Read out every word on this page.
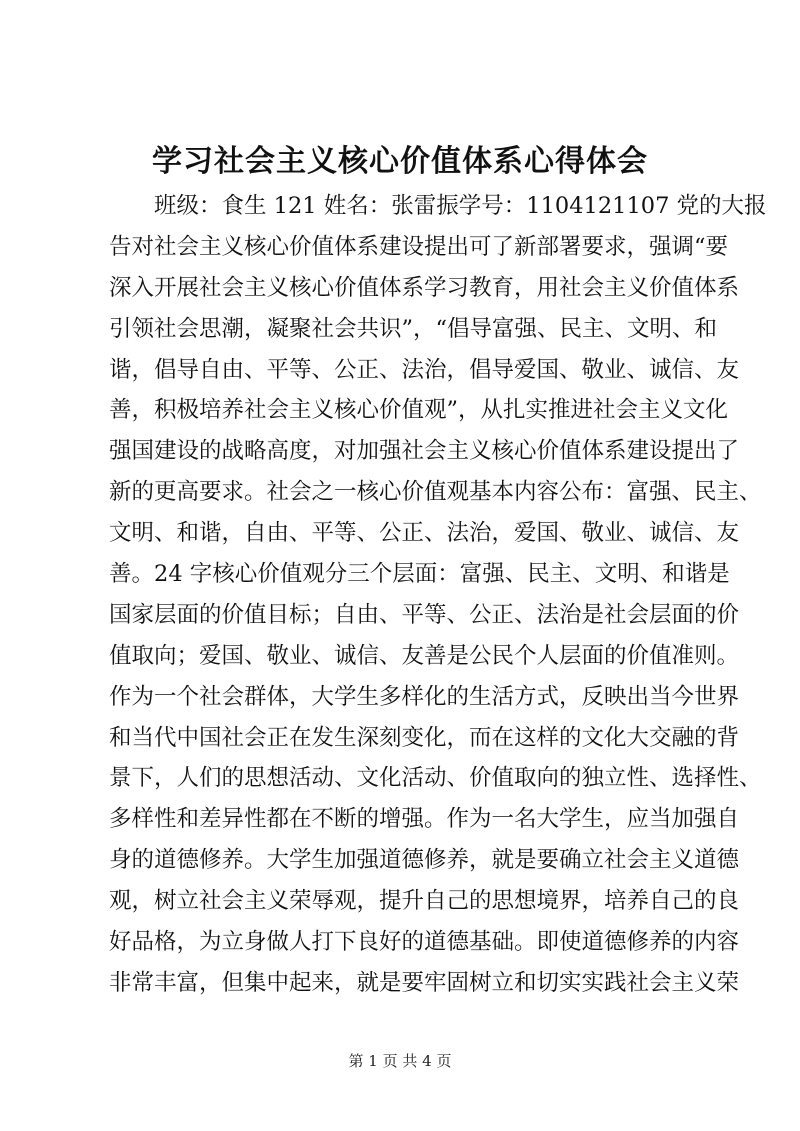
学习社会主义核心价值体系心得体会
班级：食生 121 姓名：张雷振学号：1104121107 党的大报
告对社会主义核心价值体系建设提出可了新部署要求，强调“要
深入开展社会主义核心价值体系学习教育，用社会主义价值体系
引领社会思潮，凝聚社会共识”，“倡导富强、民主、文明、和
谐，倡导自由、平等、公正、法治，倡导爱国、敬业、诚信、友
善，积极培养社会主义核心价值观”，从扎实推进社会主义文化
强国建设的战略高度，对加强社会主义核心价值体系建设提出了
新的更高要求。社会之一核心价值观基本内容公布：富强、民主、
文明、和谐，自由、平等、公正、法治，爱国、敬业、诚信、友
善。24 字核心价值观分三个层面：富强、民主、文明、和谐是
国家层面的价值目标；自由、平等、公正、法治是社会层面的价
值取向；爱国、敬业、诚信、友善是公民个人层面的价值准则。
作为一个社会群体，大学生多样化的生活方式，反映出当今世界
和当代中国社会正在发生深刻变化，而在这样的文化大交融的背
景下，人们的思想活动、文化活动、价值取向的独立性、选择性、
多样性和差异性都在不断的增强。作为一名大学生，应当加强自
身的道德修养。大学生加强道德修养，就是要确立社会主义道德
观，树立社会主义荣辱观，提升自己的思想境界，培养自己的良
好品格，为立身做人打下良好的道德基础。即使道德修养的内容
非常丰富，但集中起来，就是要牢固树立和切实实践社会主义荣
第 1 页 共 4 页
